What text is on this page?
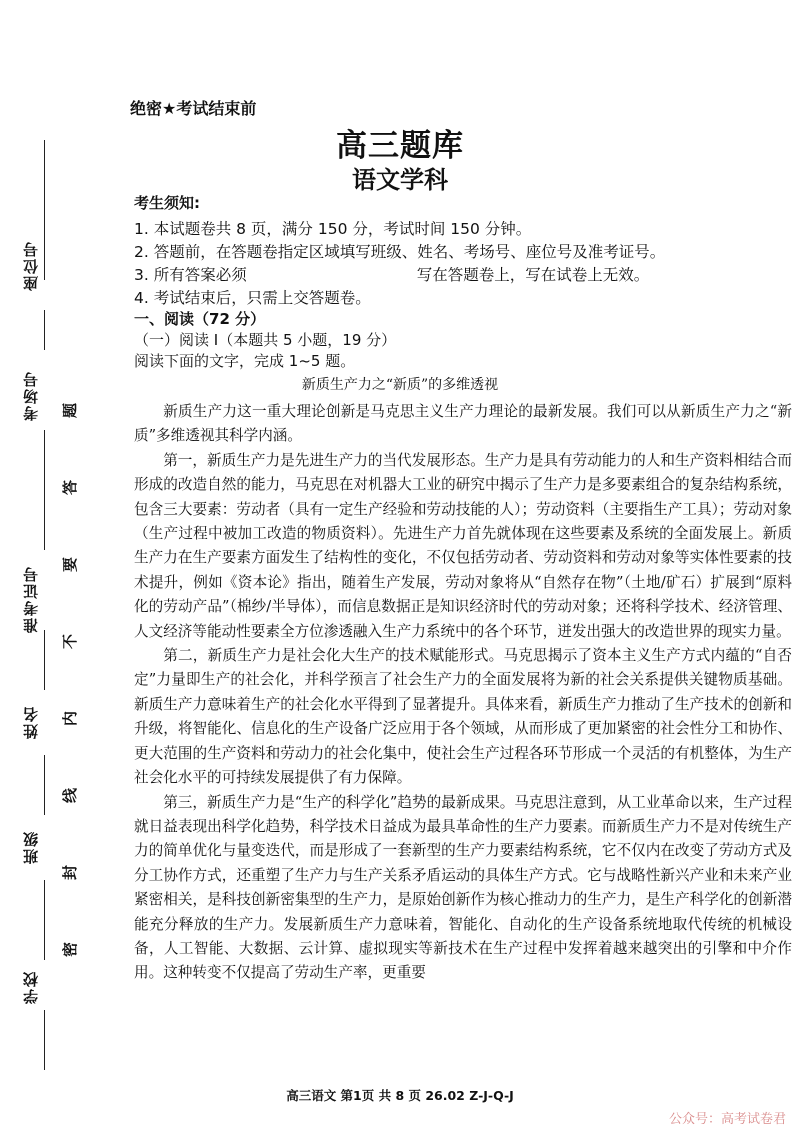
座位号
考场号
准考证号
姓名
班级
学校
密
封
线
内
不
要
答
题
绝密★考试结束前
高三题库
语文学科
考生须知:
1. 本试题卷共 8 页，满分 150 分，考试时间 150 分钟。
2. 答题前，在答题卷指定区域填写班级、姓名、考场号、座位号及准考证号。
3. 所有答案必须	写在答题卷上，写在试卷上无效。
4. 考试结束后，只需上交答题卷。
一、阅读（72 分）
（一）阅读 I（本题共 5 小题，19 分）
阅读下面的文字，完成 1~5 题。
新质生产力之“新质”的多维透视

新质生产力这一重大理论创新是马克思主义生产力理论的最新发展。我们可以从新质生产力之“新质”多维透视其科学内涵。

第一，新质生产力是先进生产力的当代发展形态。生产力是具有劳动能力的人和生产资料相结合而形成的改造自然的能力，马克思在对机器大工业的研究中揭示了生产力是多要素组合的复杂结构系统，包含三大要素：劳动者（具有一定生产经验和劳动技能的人）；劳动资料（主要指生产工具）；劳动对象（生产过程中被加工改造的物质资料）。先进生产力首先就体现在这些要素及系统的全面发展上。新质生产力在生产要素方面发生了结构性的变化，不仅包括劳动者、劳动资料和劳动对象等实体性要素的技术提升，例如《资本论》指出，随着生产发展，劳动对象将从“自然存在物”（土地/矿石）扩展到“原料化的劳动产品”（棉纱/半导体），而信息数据正是知识经济时代的劳动对象；还将科学技术、经济管理、人文经济等能动性要素全方位渗透融入生产力系统中的各个环节，迸发出强大的改造世界的现实力量。

第二，新质生产力是社会化大生产的技术赋能形式。马克思揭示了资本主义生产方式内蕴的“自否定”力量即生产的社会化，并科学预言了社会生产力的全面发展将为新的社会关系提供关键物质基础。新质生产力意味着生产的社会化水平得到了显著提升。具体来看，新质生产力推动了生产技术的创新和升级，将智能化、信息化的生产设备广泛应用于各个领域，从而形成了更加紧密的社会性分工和协作、更大范围的生产资料和劳动力的社会化集中，使社会生产过程各环节形成一个灵活的有机整体，为生产社会化水平的可持续发展提供了有力保障。

第三，新质生产力是“生产的科学化”趋势的最新成果。马克思注意到，从工业革命以来，生产过程就日益表现出科学化趋势，科学技术日益成为最具革命性的生产力要素。而新质生产力不是对传统生产力的简单优化与量变迭代，而是形成了一套新型的生产力要素结构系统，它不仅内在改变了劳动方式及分工协作方式，还重塑了生产力与生产关系矛盾运动的具体生产方式。它与战略性新兴产业和未来产业紧密相关，是科技创新密集型的生产力，是原始创新作为核心推动力的生产力，是生产科学化的创新潜能充分释放的生产力。发展新质生产力意味着，智能化、自动化的生产设备系统地取代传统的机械设备，人工智能、大数据、云计算、虚拟现实等新技术在生产过程中发挥着越来越突出的引擎和中介作用。这种转变不仅提高了劳动生产率，更重要

高三语文 第1页 共 8 页 26.02 Z-J-Q-J
公众号：高考试卷君
